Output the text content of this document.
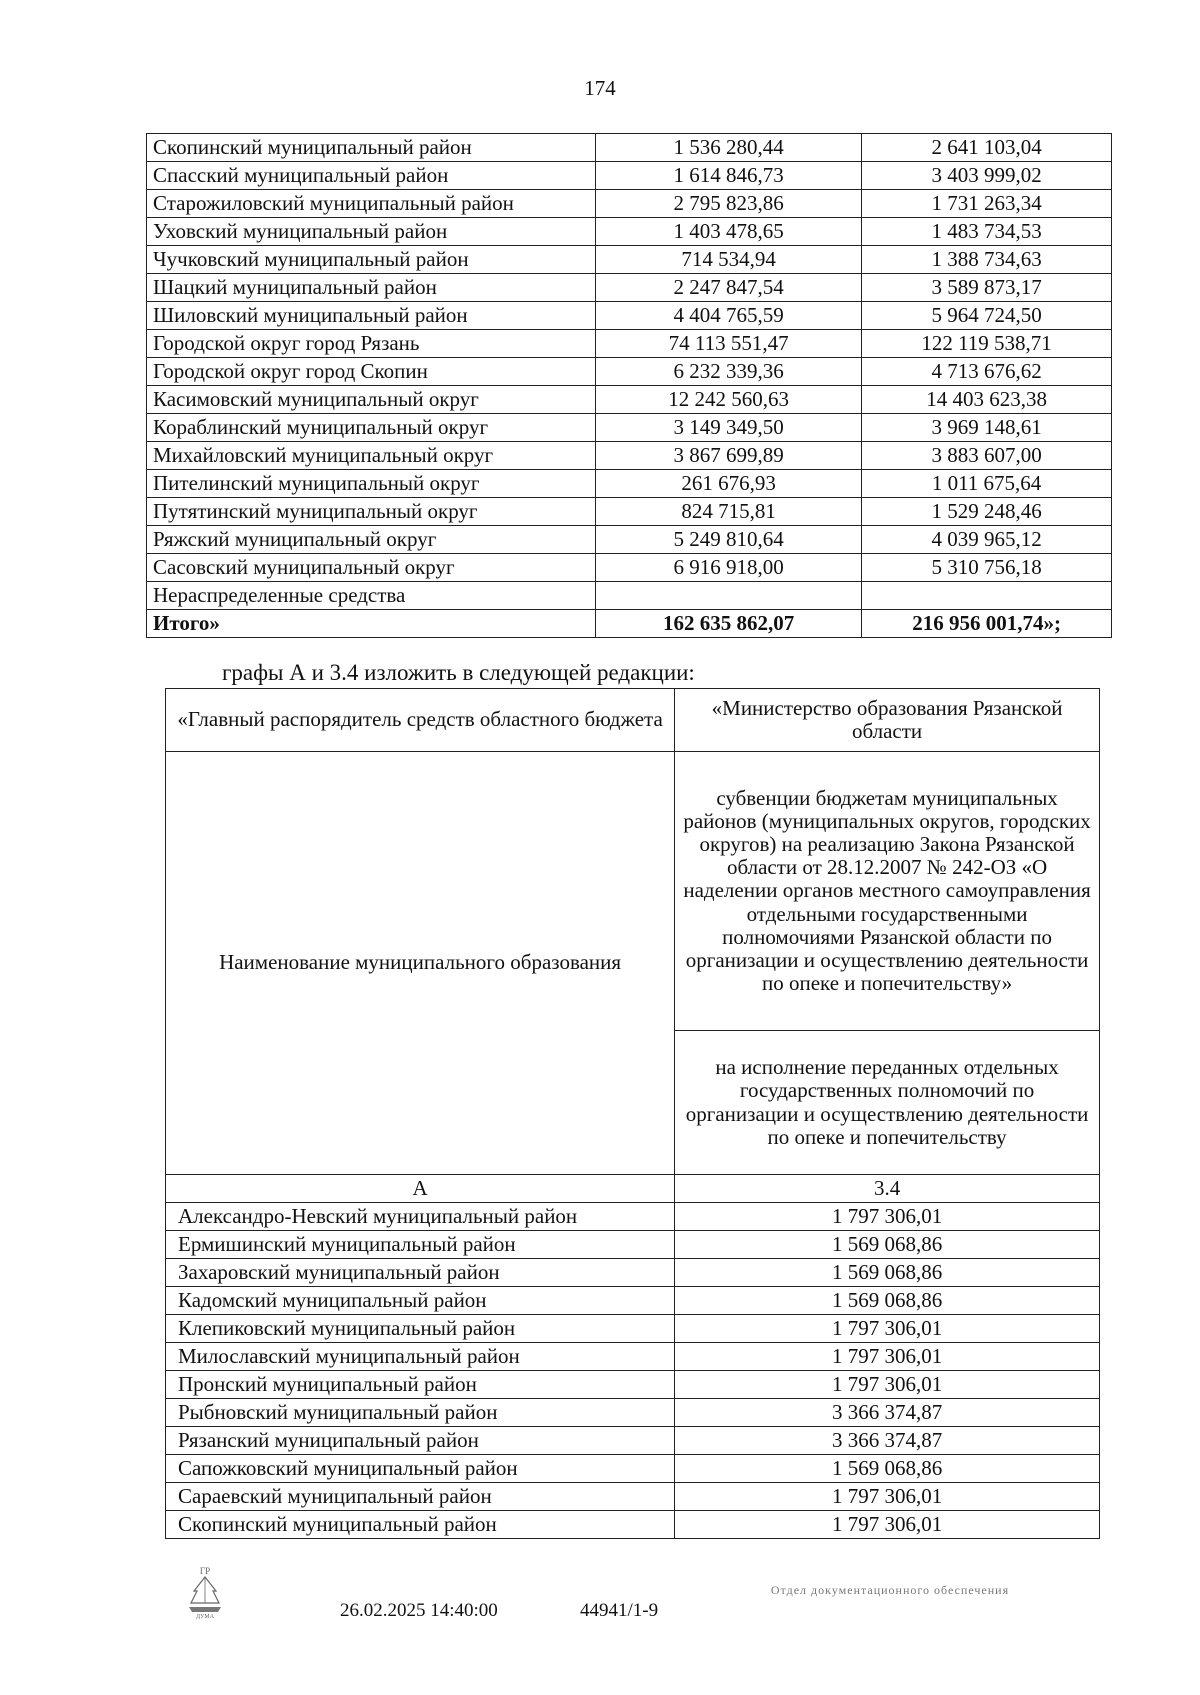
174
Скопинский муниципальный район	1 536 280,44	2 641 103,04
Спасский муниципальный район	1 614 846,73	3 403 999,02
Старожиловский муниципальный район	2 795 823,86	1 731 263,34
Уховский муниципальный район	1 403 478,65	1 483 734,53
Чучковский муниципальный район	714 534,94	1 388 734,63
Шацкий муниципальный район	2 247 847,54	3 589 873,17
Шиловский муниципальный район	4 404 765,59	5 964 724,50
Городской округ город Рязань	74 113 551,47	122 119 538,71
Городской округ город Скопин	6 232 339,36	4 713 676,62
Касимовский муниципальный округ	12 242 560,63	14 403 623,38
Кораблинский муниципальный округ	3 149 349,50	3 969 148,61
Михайловский муниципальный округ	3 867 699,89	3 883 607,00
Пителинский муниципальный округ	261 676,93	1 011 675,64
Путятинский муниципальный округ	824 715,81	1 529 248,46
Ряжский муниципальный округ	5 249 810,64	4 039 965,12
Сасовский муниципальный округ	6 916 918,00	5 310 756,18
Нераспределенные средства		
Итого»	162 635 862,07	216 956 001,74»;
графы А и 3.4 изложить в следующей редакции:
«Главный распорядитель средств областного бюджета	«Министерство образования Рязанской области
Наименование муниципального образования	субвенции бюджетам муниципальных районов (муниципальных округов, городских округов) на реализацию Закона Рязанской области от 28.12.2007 № 242-ОЗ «О наделении органов местного самоуправления отдельными государственными полномочиями Рязанской области по организации и осуществлению деятельности по опеке и попечительству»
	на исполнение переданных отдельных государственных полномочий по организации и осуществлению деятельности по опеке и попечительству
А	3.4
Александро-Невский муниципальный район	1 797 306,01
Ермишинский муниципальный район	1 569 068,86
Захаровский муниципальный район	1 569 068,86
Кадомский муниципальный район	1 569 068,86
Клепиковский муниципальный район	1 797 306,01
Милославский муниципальный район	1 797 306,01
Пронский муниципальный район	1 797 306,01
Рыбновский муниципальный район	3 366 374,87
Рязанский муниципальный район	3 366 374,87
Сапожковский муниципальный район	1 569 068,86
Сараевский муниципальный район	1 797 306,01
Скопинский муниципальный район	1 797 306,01
ГР
ДУМА	26.02.2025 14:40:00	44941/1-9
Отдел документационного обеспечения
